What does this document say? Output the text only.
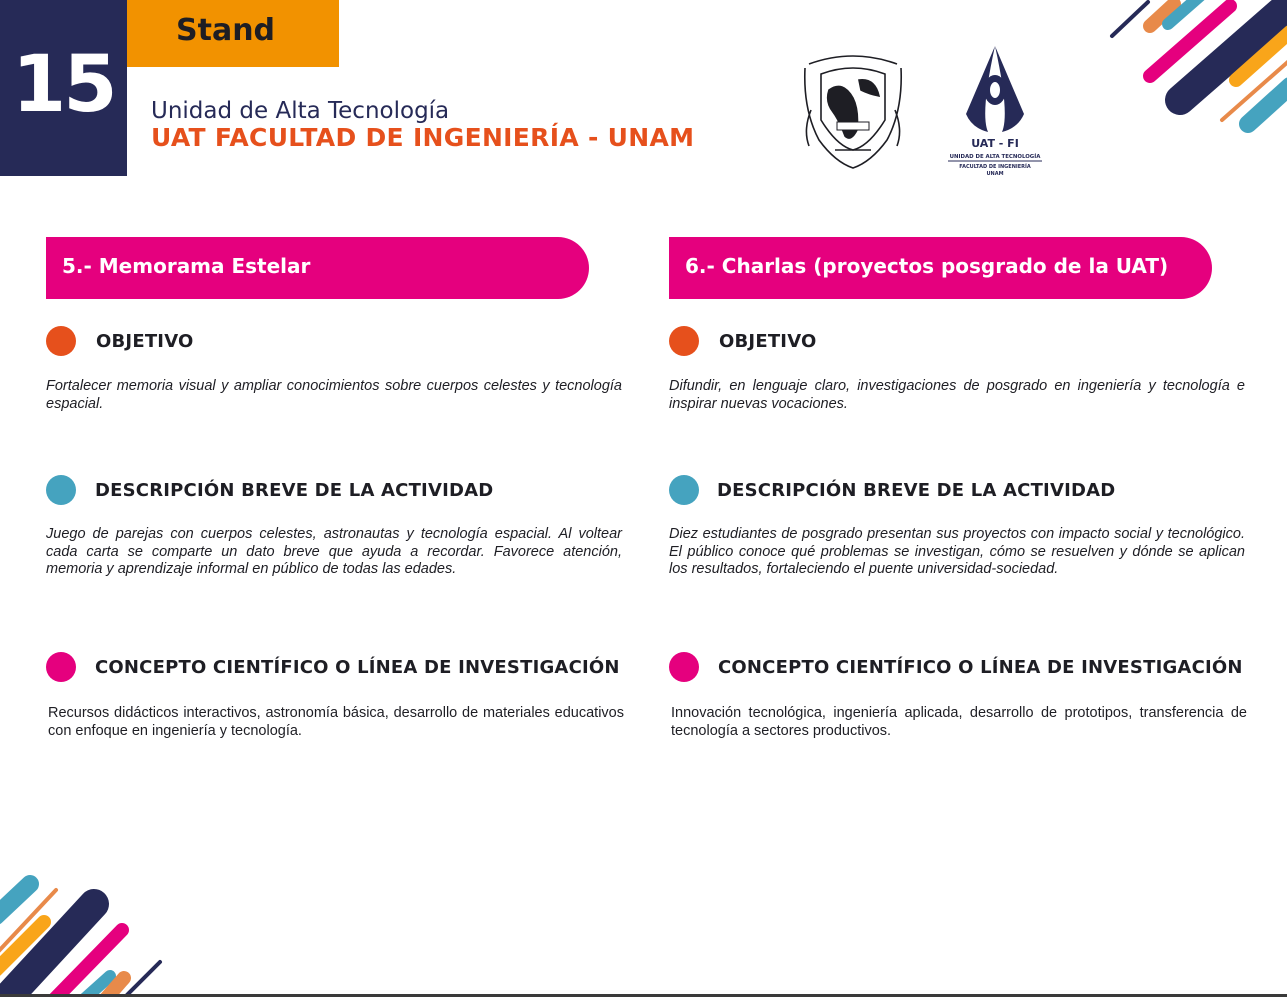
15
Stand
Unidad de Alta Tecnología
UAT FACULTAD DE INGENIERÍA - UNAM	UAT - FI
UNIDAD DE ALTA TECNOLOGÍA
FACULTAD DE INGENIERÍA
UNAM
5.- Memorama Estelar
OBJETIVO
Fortalecer memoria visual y ampliar conocimientos sobre cuerpos celestes y tecnología espacial.
DESCRIPCIÓN BREVE DE LA ACTIVIDAD
Juego de parejas con cuerpos celestes, astronautas y tecnología espacial. Al voltear cada carta se comparte un dato breve que ayuda a recordar. Favorece atención, memoria y aprendizaje informal en público de todas las edades.
CONCEPTO CIENTÍFICO O LÍNEA DE INVESTIGACIÓN
Recursos didácticos interactivos, astronomía básica, desarrollo de materiales educativos con enfoque en ingeniería y tecnología.
6.- Charlas (proyectos posgrado de la UAT)
OBJETIVO
Difundir, en lenguaje claro, investigaciones de posgrado en ingeniería y tecnología e inspirar nuevas vocaciones.
DESCRIPCIÓN BREVE DE LA ACTIVIDAD
Diez estudiantes de posgrado presentan sus proyectos con impacto social y tecnológico. El público conoce qué problemas se investigan, cómo se resuelven y dónde se aplican los resultados, fortaleciendo el puente universidad-sociedad.
CONCEPTO CIENTÍFICO O LÍNEA DE INVESTIGACIÓN
Innovación tecnológica, ingeniería aplicada, desarrollo de prototipos, transferencia de tecnología a sectores productivos.
